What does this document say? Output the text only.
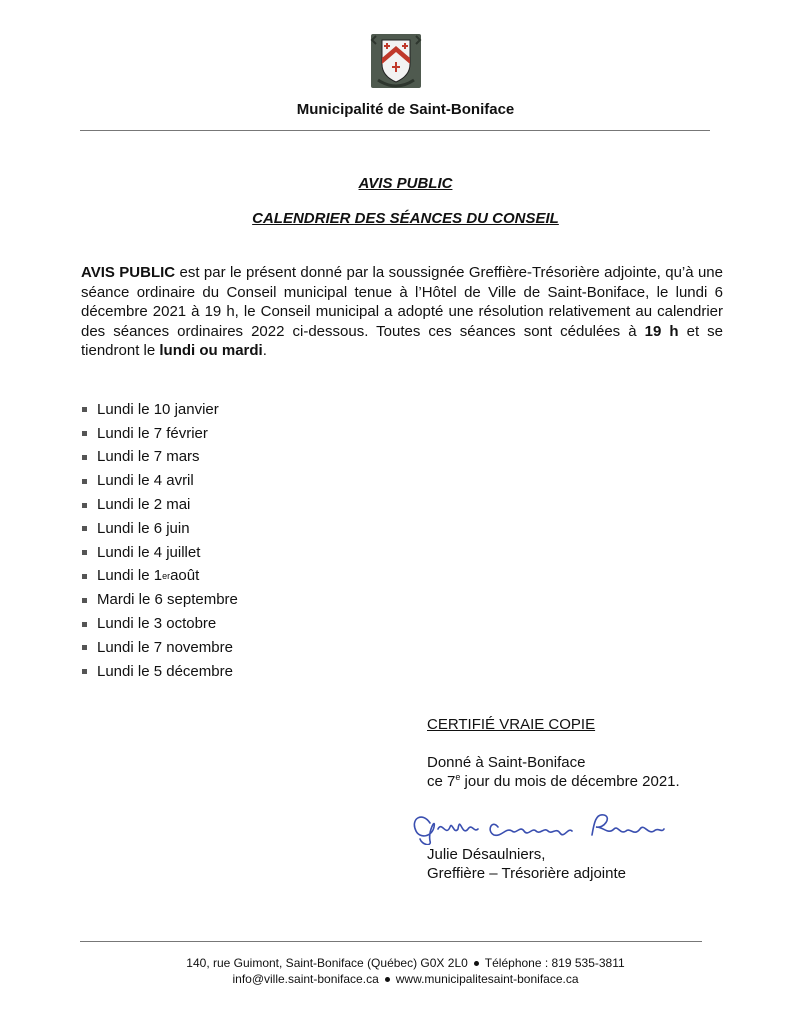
Municipalité de Saint-Boniface
AVIS PUBLIC
CALENDRIER DES SÉANCES DU CONSEIL

AVIS PUBLIC est par le présent donné par la soussignée Greffière-Trésorière adjointe, qu’à une séance ordinaire du Conseil municipal tenue à l’Hôtel de Ville de Saint-Boniface, le lundi 6 décembre 2021 à 19 h, le Conseil municipal a adopté une résolution relativement au calendrier des séances ordinaires 2022 ci-dessous. Toutes ces séances sont cédulées à 19 h et se tiendront le lundi ou mardi.

Lundi le 10 janvier
Lundi le 7 février
Lundi le 7 mars
Lundi le 4 avril
Lundi le 2 mai
Lundi le 6 juin
Lundi le 4 juillet
Lundi le 1 er août
Mardi le 6 septembre
Lundi le 3 octobre
Lundi le 7 novembre
Lundi le 5 décembre
CERTIFIÉ VRAIE COPIE
Donné à Saint-Boniface
ce 7e jour du mois de décembre 2021.
Julie Désaulniers,
Greffière – Trésorière adjointe
140, rue Guimont, Saint-Boniface (Québec) G0X 2L0 Téléphone : 819 535-3811
info@ville.saint-boniface.ca www.municipalitesaint-boniface.ca
